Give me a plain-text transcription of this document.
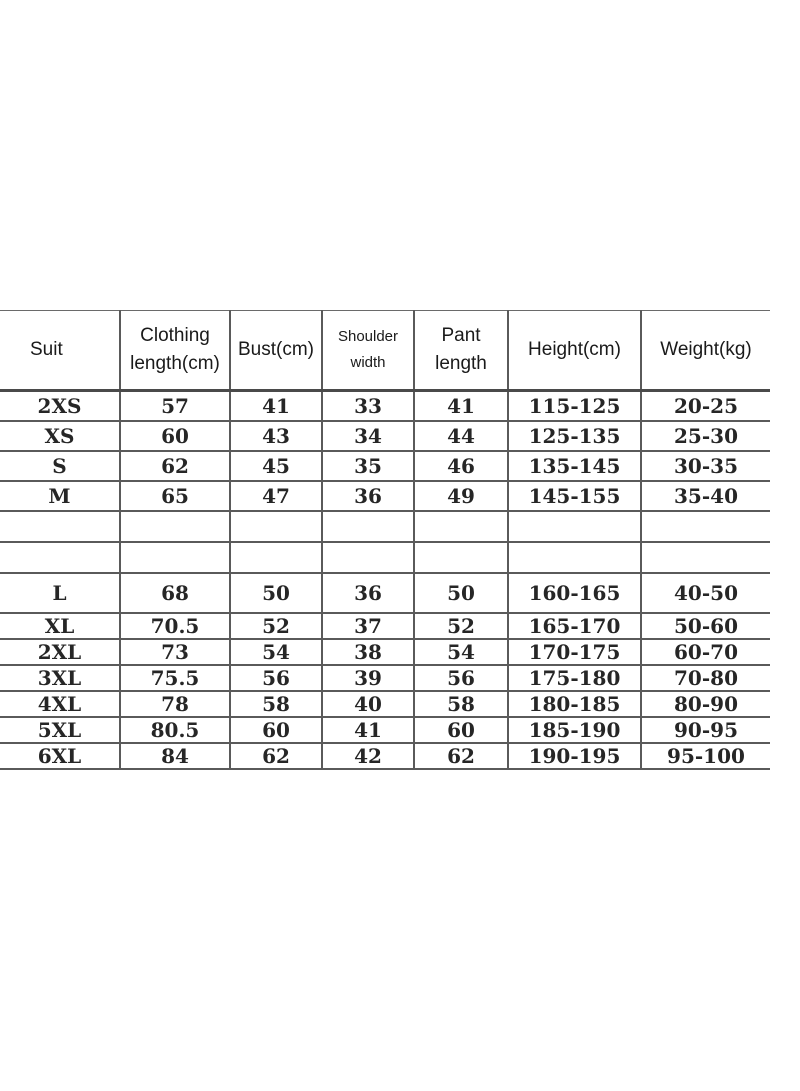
Suit	Clothing length(cm)	Bust(cm)	Shoulder width	Pant length	Height(cm)	Weight(kg)
2XS	57	41	33	41	115-125	20-25
XS	60	43	34	44	125-135	25-30
S	62	45	35	46	135-145	30-35
M	65	47	36	49	145-155	35-40

L	68	50	36	50	160-165	40-50
XL	70.5	52	37	52	165-170	50-60
2XL	73	54	38	54	170-175	60-70
3XL	75.5	56	39	56	175-180	70-80
4XL	78	58	40	58	180-185	80-90
5XL	80.5	60	41	60	185-190	90-95
6XL	84	62	42	62	190-195	95-100
